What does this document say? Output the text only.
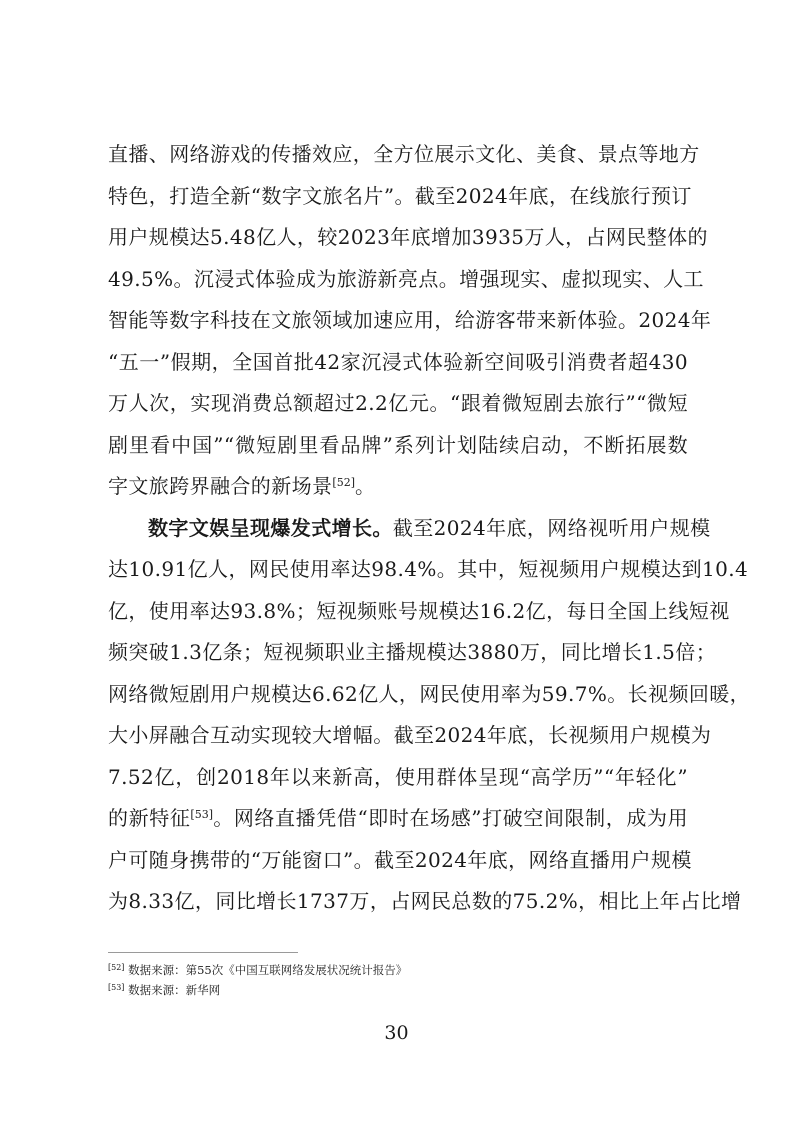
直播、网络游戏的传播效应，全方位展示文化、美食、景点等地方
特色，打造全新“数字文旅名片”。截至2024年底，在线旅行预订
用户规模达5.48亿人，较2023年底增加3935万人，占网民整体的
49.5%。沉浸式体验成为旅游新亮点。增强现实、虚拟现实、人工
智能等数字科技在文旅领域加速应用，给游客带来新体验。2024年
“五一”假期，全国首批42家沉浸式体验新空间吸引消费者超430
万人次，实现消费总额超过2.2亿元。“跟着微短剧去旅行”“微短
剧里看中国”“微短剧里看品牌”系列计划陆续启动，不断拓展数
字文旅跨界融合的新场景[52]。
数字文娱呈现爆发式增长。截至2024年底，网络视听用户规模
达10.91亿人，网民使用率达98.4%。其中，短视频用户规模达到10.4
亿，使用率达93.8%；短视频账号规模达16.2亿，每日全国上线短视
频突破1.3亿条；短视频职业主播规模达3880万，同比增长1.5倍；
网络微短剧用户规模达6.62亿人，网民使用率为59.7%。长视频回暖，
大小屏融合互动实现较大增幅。截至2024年底，长视频用户规模为
7.52亿，创2018年以来新高，使用群体呈现“高学历”“年轻化”
的新特征[53]。网络直播凭借“即时在场感”打破空间限制，成为用
户可随身携带的“万能窗口”。截至2024年底，网络直播用户规模
为8.33亿，同比增长1737万，占网民总数的75.2%，相比上年占比增
[52] 数据来源：第55次《中国互联网络发展状况统计报告》
[53] 数据来源：新华网
30
